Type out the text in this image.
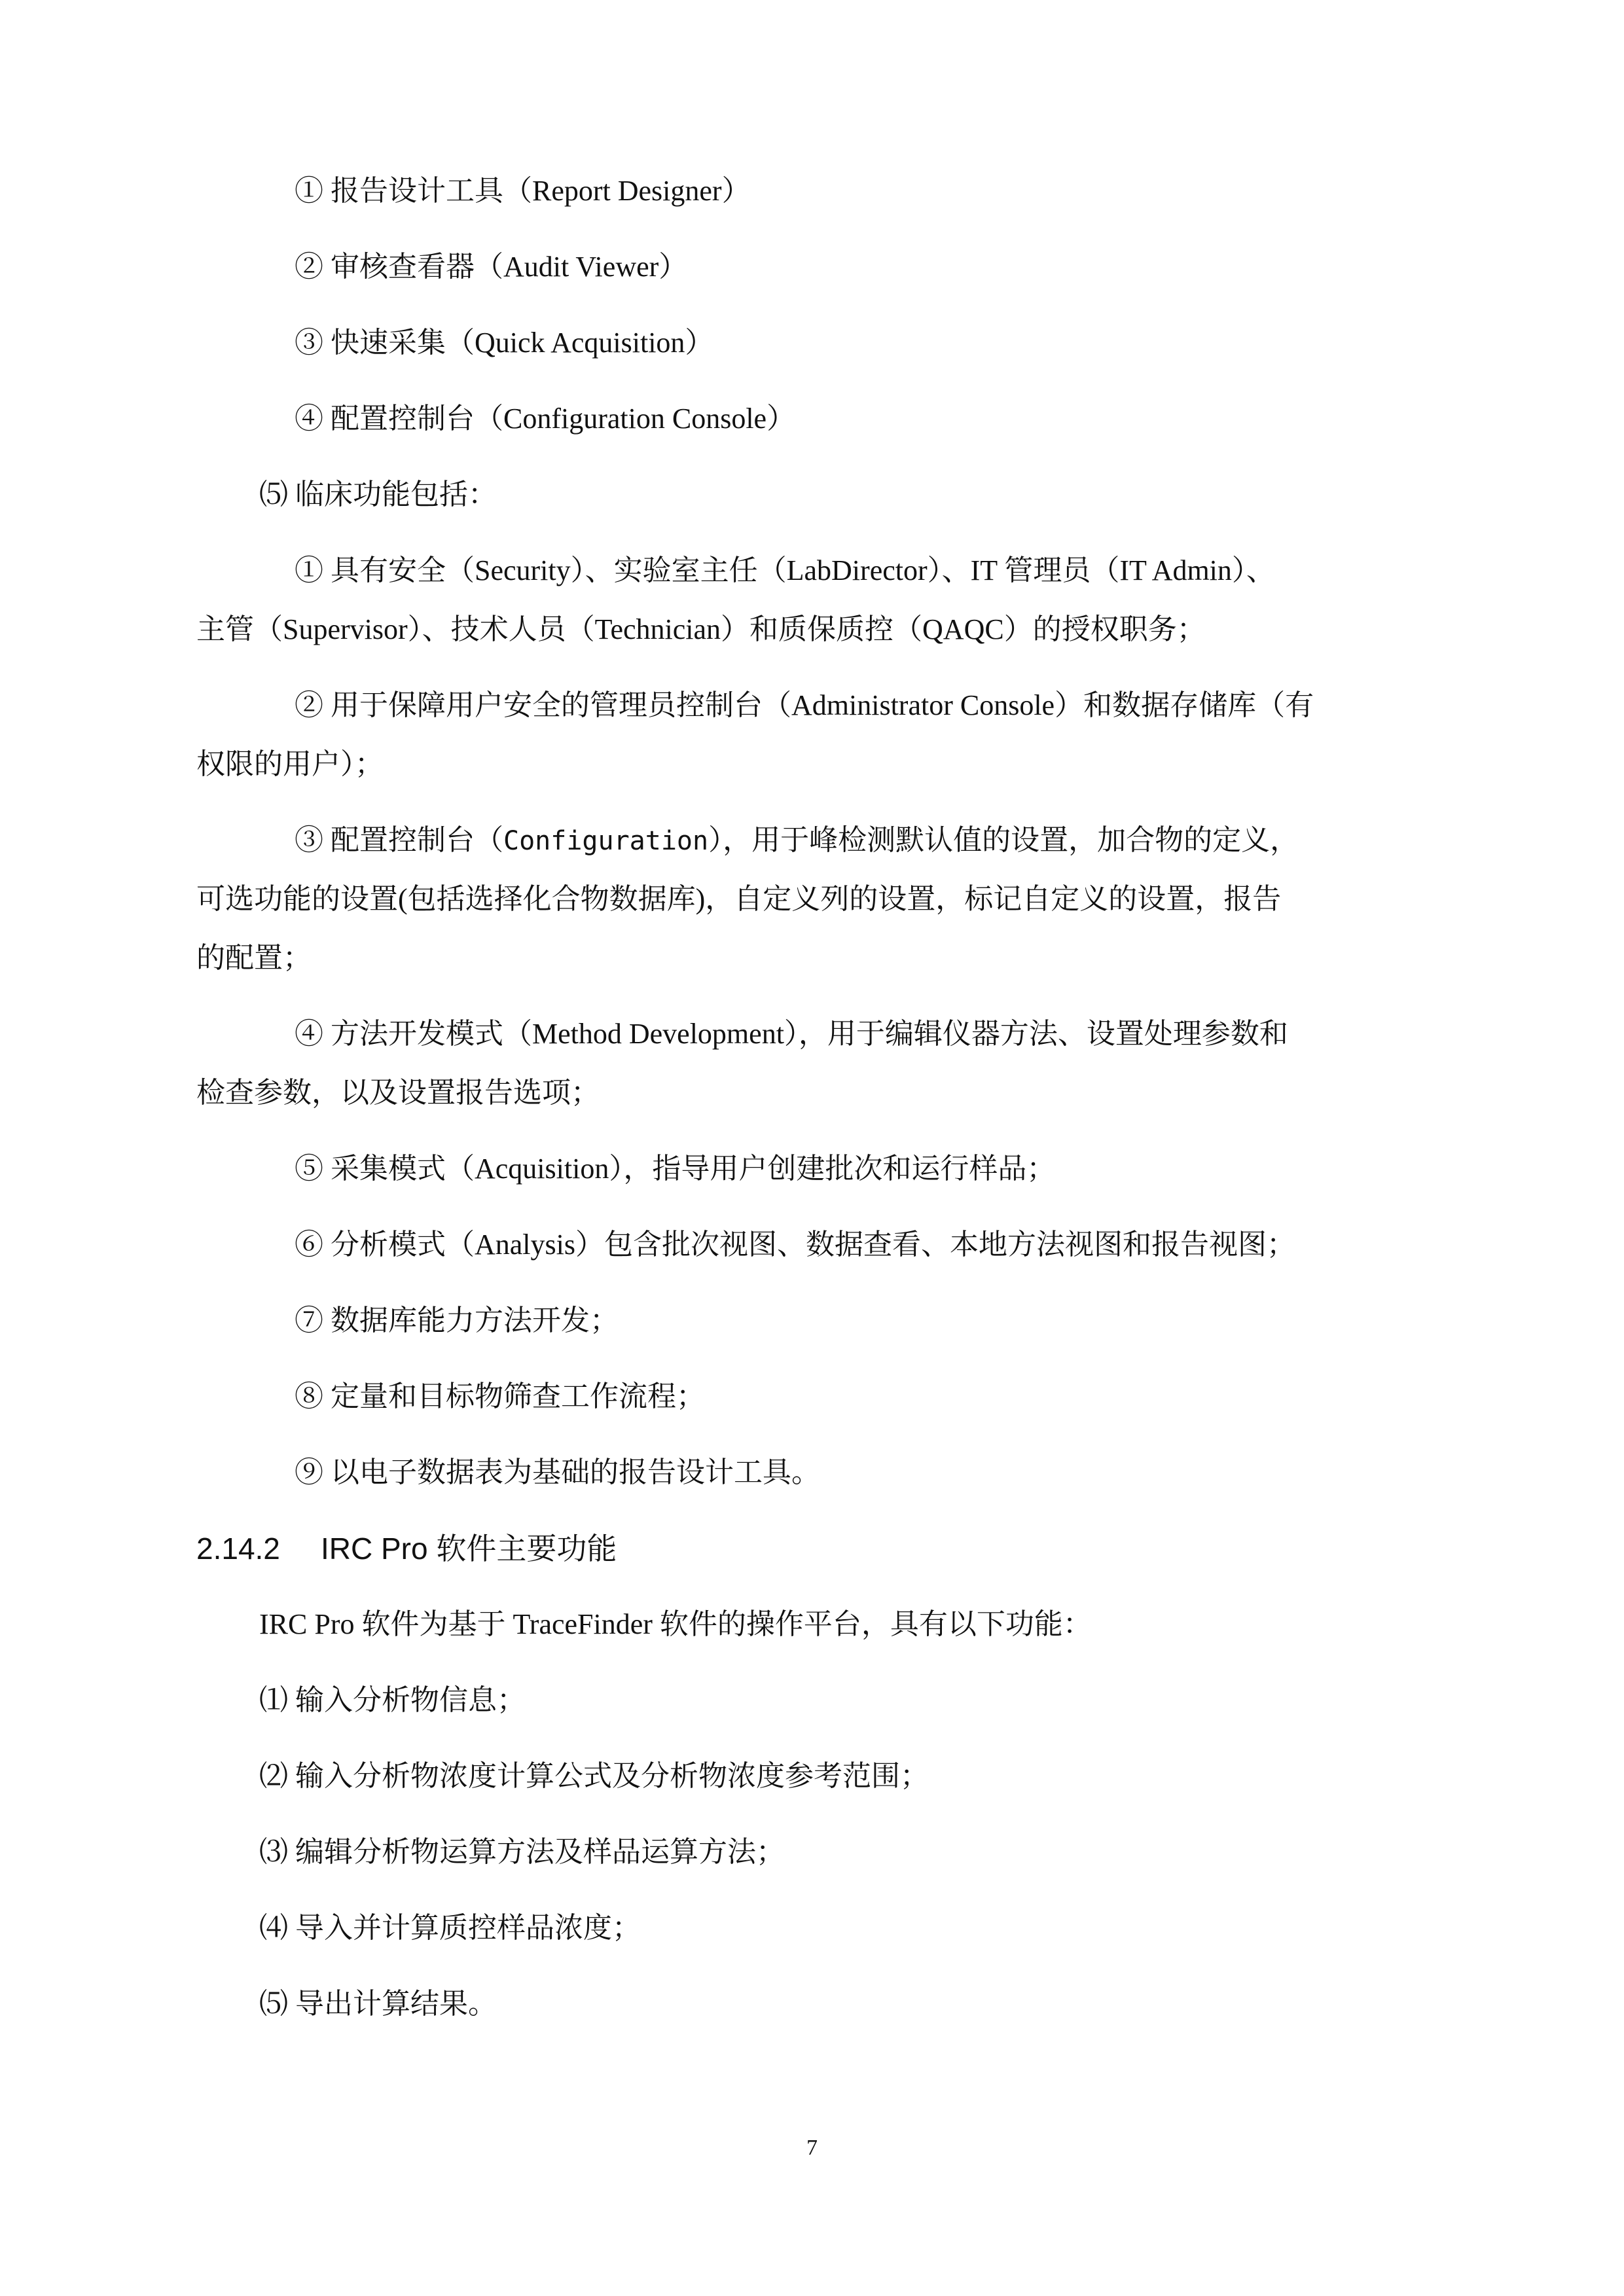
① 报告设计工具（Report Designer）
② 审核查看器（Audit Viewer）
③ 快速采集（Quick Acquisition）
④ 配置控制台（Configuration Console）
⑸ 临床功能包括：
① 具有安全（Security）、实验室主任（LabDirector）、IT 管理员（IT Admin）、
主管（Supervisor）、技术人员（Technician）和质保质控（QAQC）的授权职务；
② 用于保障用户安全的管理员控制台（Administrator Console）和数据存储库（有
权限的用户）；
③ 配置控制台（Configuration），用于峰检测默认值的设置，加合物的定义，
可选功能的设置(包括选择化合物数据库)，自定义列的设置，标记自定义的设置，报告
的配置；
④ 方法开发模式（Method Development），用于编辑仪器方法、设置处理参数和
检查参数，以及设置报告选项；
⑤ 采集模式（Acquisition），指导用户创建批次和运行样品；
⑥ 分析模式（Analysis）包含批次视图、数据查看、本地方法视图和报告视图；
⑦ 数据库能力方法开发；
⑧ 定量和目标物筛查工作流程；
⑨ 以电子数据表为基础的报告设计工具。
2.14.2 IRC Pro 软件主要功能
IRC Pro 软件为基于 TraceFinder 软件的操作平台，具有以下功能：
⑴ 输入分析物信息；
⑵ 输入分析物浓度计算公式及分析物浓度参考范围；
⑶ 编辑分析物运算方法及样品运算方法；
⑷ 导入并计算质控样品浓度；
⑸ 导出计算结果。
7
